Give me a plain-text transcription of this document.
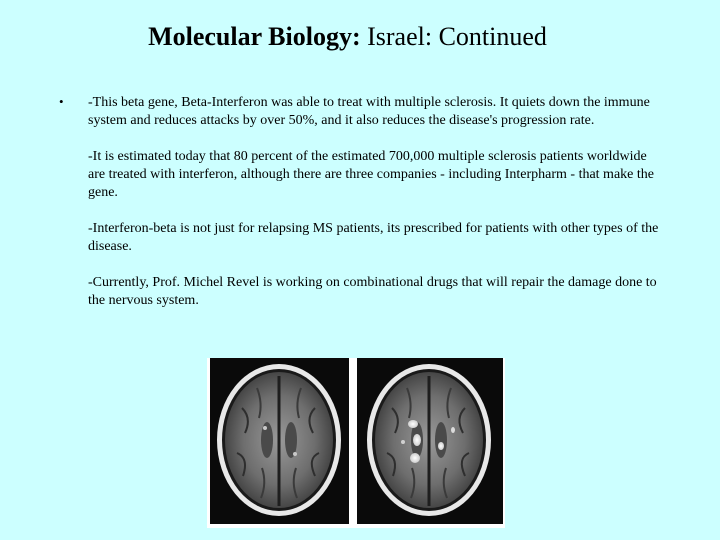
Molecular Biology: Israel: Continued
• -This beta gene, Beta-Interferon was able to treat with multiple sclerosis. It quiets down the immune system and reduces attacks by over 50%, and it also reduces the disease's progression rate.

-It is estimated today that 80 percent of the estimated 700,000 multiple sclerosis patients worldwide are treated with interferon, although there are three companies - including Interpharm - that make the gene.

-Interferon-beta is not just for relapsing MS patients, its prescribed for patients with other types of the disease.

-Currently, Prof. Michel Revel is working on combinational drugs that will repair the damage done to the nervous system.
